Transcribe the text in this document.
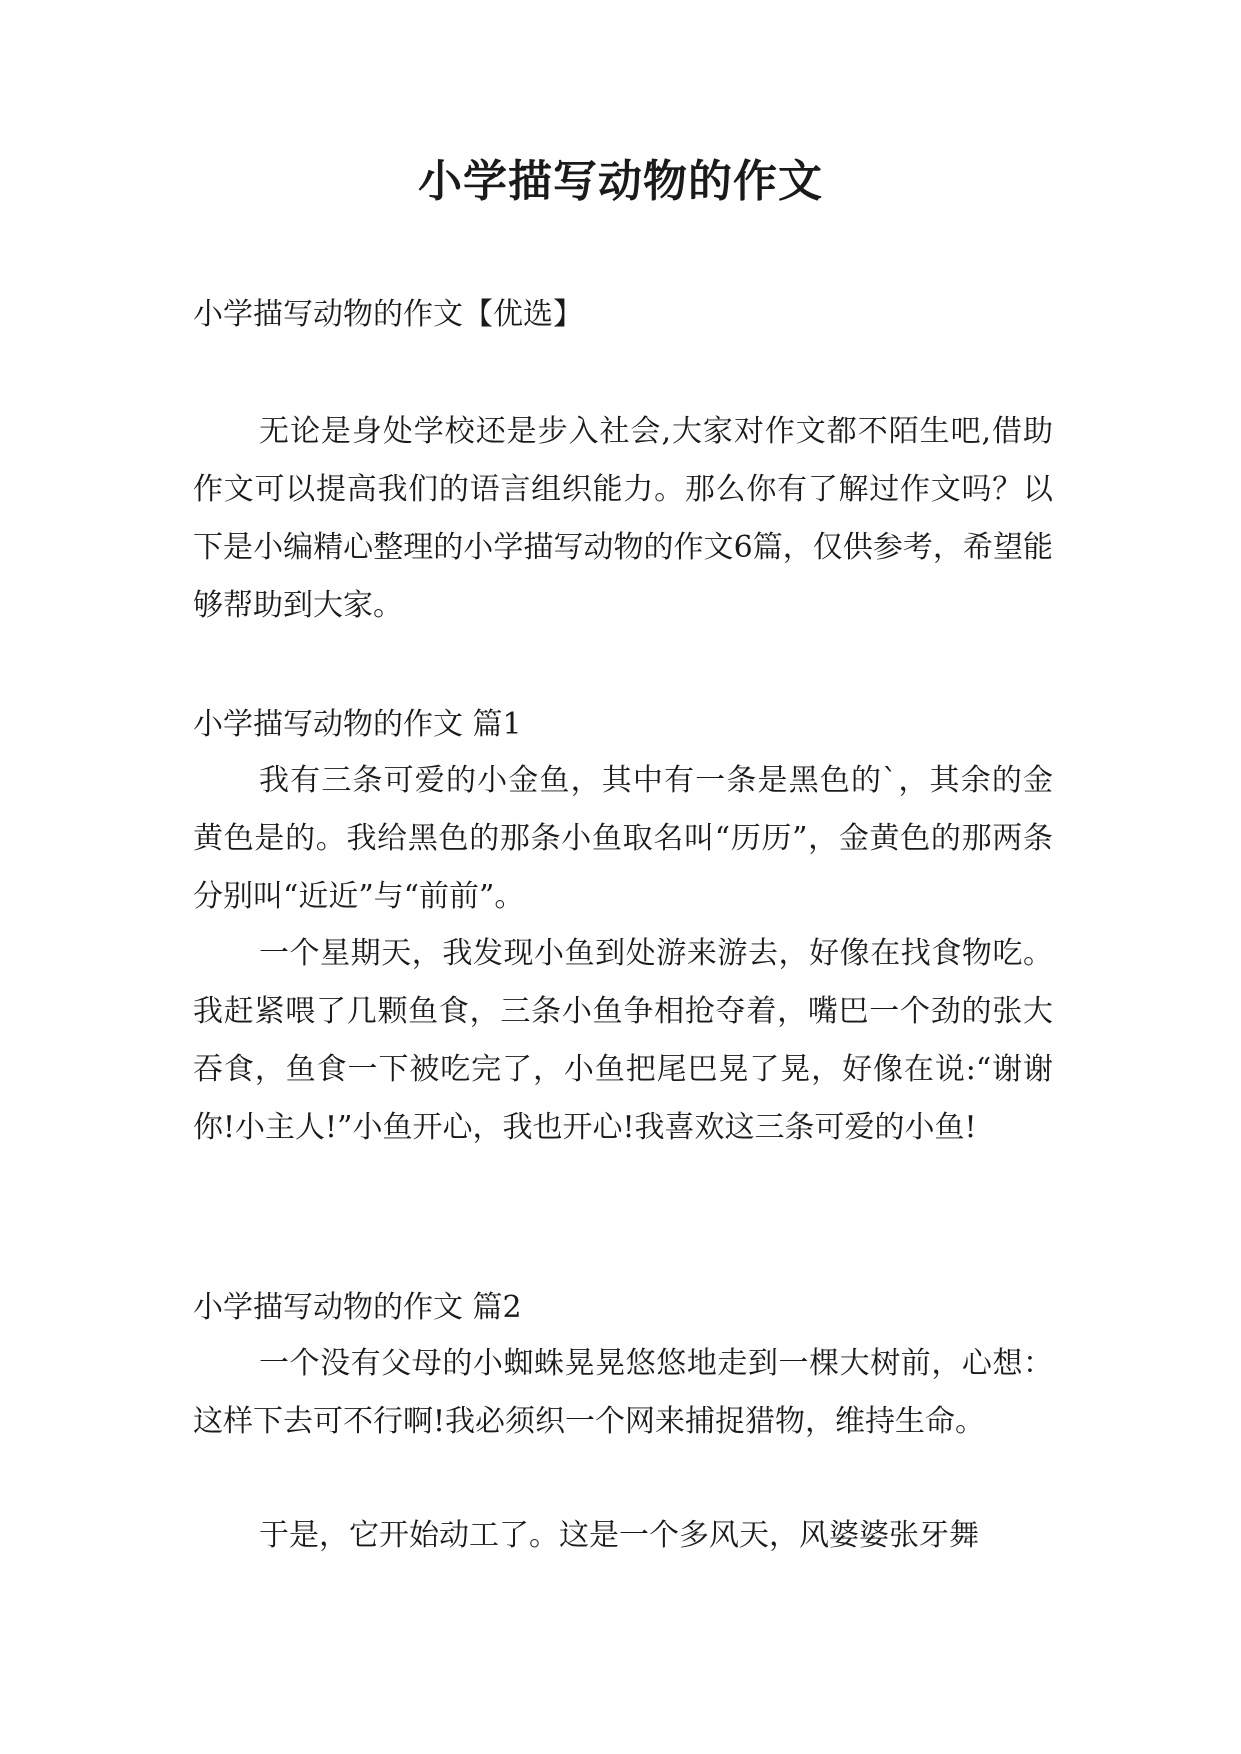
小学描写动物的作文

小学描写动物的作文【优选】

无论是身处学校还是步入社会,大家对作文都不陌生吧,借助作文可以提高我们的语言组织能力。那么你有了解过作文吗？以下是小编精心整理的小学描写动物的作文6篇，仅供参考，希望能够帮助到大家。

小学描写动物的作文 篇1

我有三条可爱的小金鱼，其中有一条是黑色的`，其余的金黄色是的。我给黑色的那条小鱼取名叫“历历”，金黄色的那两条分别叫“近近”与“前前”。

一个星期天，我发现小鱼到处游来游去，好像在找食物吃。我赶紧喂了几颗鱼食，三条小鱼争相抢夺着，嘴巴一个劲的张大吞食，鱼食一下被吃完了，小鱼把尾巴晃了晃，好像在说:“谢谢你!小主人!”小鱼开心，我也开心!我喜欢这三条可爱的小鱼!

小学描写动物的作文 篇2

一个没有父母的小蜘蛛晃晃悠悠地走到一棵大树前，心想：这样下去可不行啊!我必须织一个网来捕捉猎物，维持生命。

于是，它开始动工了。这是一个多风天，风婆婆张牙舞
